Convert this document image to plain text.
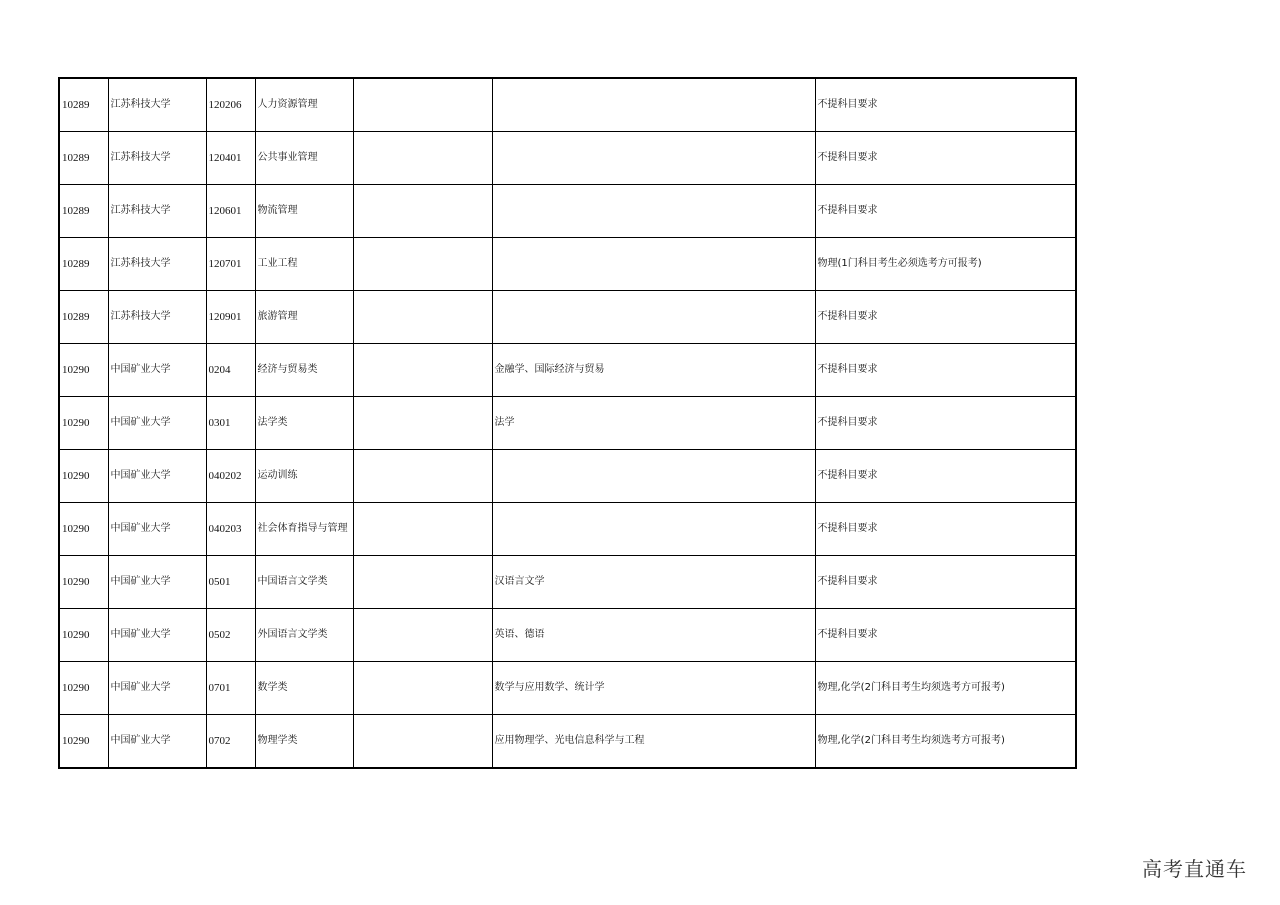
10289	江苏科技大学	120206	人力资源管理			不提科目要求
10289	江苏科技大学	120401	公共事业管理			不提科目要求
10289	江苏科技大学	120601	物流管理			不提科目要求
10289	江苏科技大学	120701	工业工程			物理(1门科目考生必须选考方可报考)
10289	江苏科技大学	120901	旅游管理			不提科目要求
10290	中国矿业大学	0204	经济与贸易类		金融学、国际经济与贸易	不提科目要求
10290	中国矿业大学	0301	法学类		法学	不提科目要求
10290	中国矿业大学	040202	运动训练			不提科目要求
10290	中国矿业大学	040203	社会体育指导与管理			不提科目要求
10290	中国矿业大学	0501	中国语言文学类		汉语言文学	不提科目要求
10290	中国矿业大学	0502	外国语言文学类		英语、德语	不提科目要求
10290	中国矿业大学	0701	数学类		数学与应用数学、统计学	物理,化学(2门科目考生均须选考方可报考)
10290	中国矿业大学	0702	物理学类		应用物理学、光电信息科学与工程	物理,化学(2门科目考生均须选考方可报考)
高考直通车
